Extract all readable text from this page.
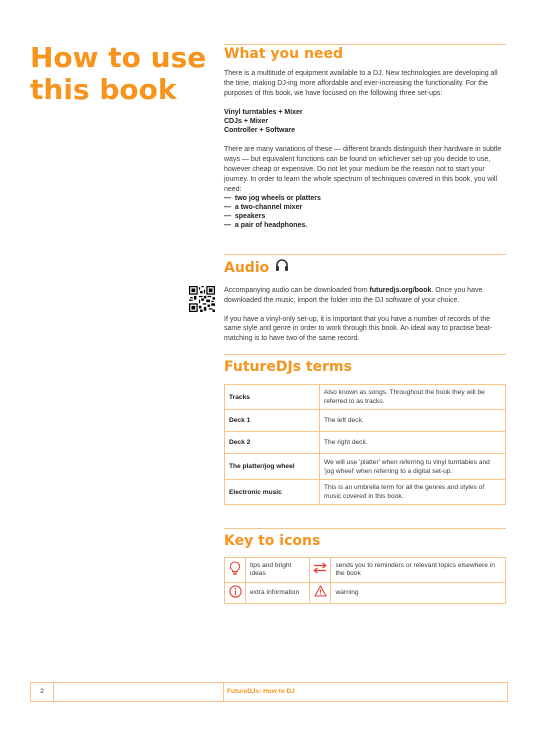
How to use this book
What you need

There is a multitude of equipment available to a DJ. New technologies are developing all the time, making DJ-ing more affordable and ever-increasing the functionality. For the purposes of this book, we have focused on the following three set-ups:

Vinyl turntables + Mixer
CDJs + Mixer
Controller + Software

There are many variations of these — different brands distinguish their hardware in subtle ways — but equivalent functions can be found on whichever set-up you decide to use, however cheap or expensive. Do not let your medium be the reason not to start your journey. In order to learn the whole spectrum of techniques covered in this book, you will need:

—  two jog wheels or platters
—  a two-channel mixer
—  speakers
—  a pair of headphones.
Audio

Accompanying audio can be downloaded from futuredjs.org/book. Once you have downloaded the music, import the folder into the DJ software of your choice.

If you have a vinyl-only set-up, it is important that you have a number of records of the same style and genre in order to work through this book. An ideal way to practise beat-matching is to have two of the same record.

FutureDJs terms
Tracks	Also known as songs. Throughout the book they will be referred to as tracks.
Deck 1	The left deck.
Deck 2	The right deck.
The platter/jog wheel	We will use 'platter' when referring to vinyl turntables and 'jog wheel' when referring to a digital set-up.
Electronic music	This is an umbrella term for all the genres and styles of music covered in this book.
Key to icons
	tips and bright ideas		sends you to reminders or relevant topics elsewhere in the book
	extra information		warning
2	FutureDJs: How to DJ
